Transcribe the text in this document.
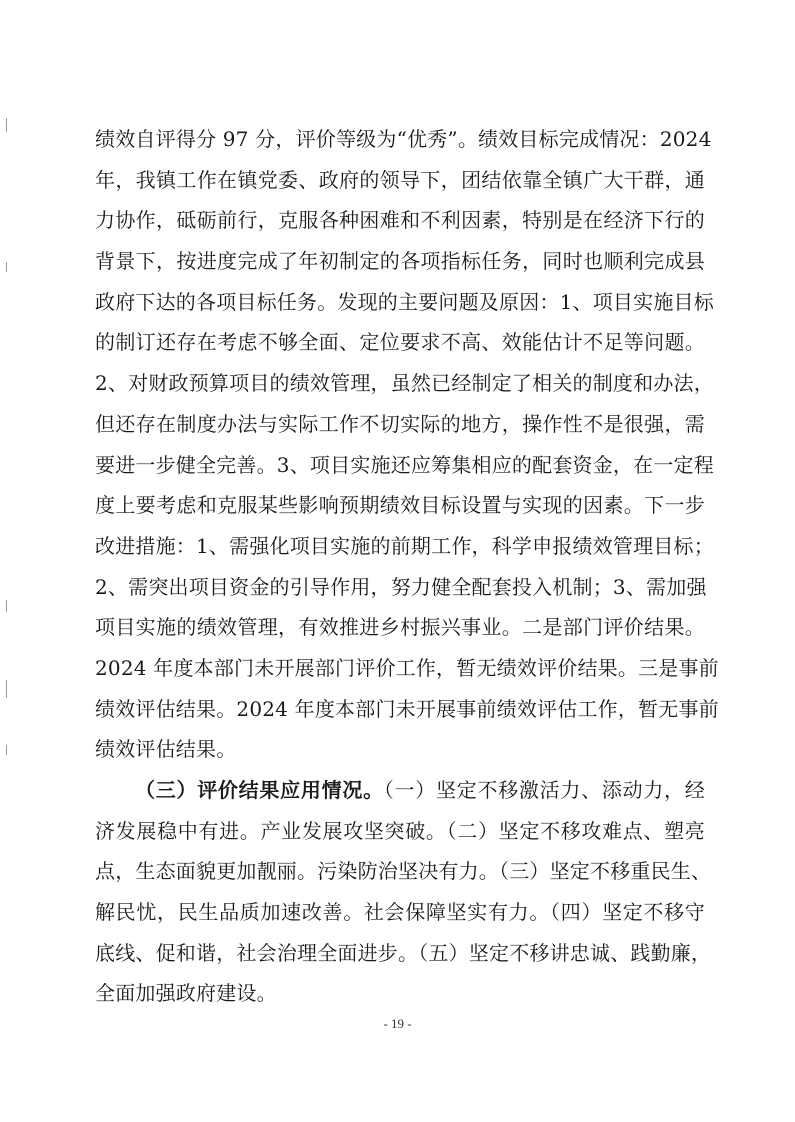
绩效自评得分 97 分，评价等级为“优秀”。绩效目标完成情况：2024
年，我镇工作在镇党委、政府的领导下，团结依靠全镇广大干群，通
力协作，砥砺前行，克服各种困难和不利因素，特别是在经济下行的
背景下，按进度完成了年初制定的各项指标任务，同时也顺利完成县
政府下达的各项目标任务。发现的主要问题及原因：1、项目实施目标
的制订还存在考虑不够全面、定位要求不高、效能估计不足等问题。
2、对财政预算项目的绩效管理，虽然已经制定了相关的制度和办法，
但还存在制度办法与实际工作不切实际的地方，操作性不是很强，需
要进一步健全完善。3、项目实施还应筹集相应的配套资金，在一定程
度上要考虑和克服某些影响预期绩效目标设置与实现的因素。下一步
改进措施：1、需强化项目实施的前期工作，科学申报绩效管理目标；
2、需突出项目资金的引导作用，努力健全配套投入机制；3、需加强
项目实施的绩效管理，有效推进乡村振兴事业。二是部门评价结果。
2024 年度本部门未开展部门评价工作，暂无绩效评价结果。三是事前
绩效评估结果。2024 年度本部门未开展事前绩效评估工作，暂无事前
绩效评估结果。
（三）评价结果应用情况。（一）坚定不移激活力、添动力，经
济发展稳中有进。产业发展攻坚突破。（二）坚定不移攻难点、塑亮
点，生态面貌更加靓丽。污染防治坚决有力。（三）坚定不移重民生、
解民忧，民生品质加速改善。社会保障坚实有力。（四）坚定不移守
底线、促和谐，社会治理全面进步。（五）坚定不移讲忠诚、践勤廉，
全面加强政府建设。
- 19 -
